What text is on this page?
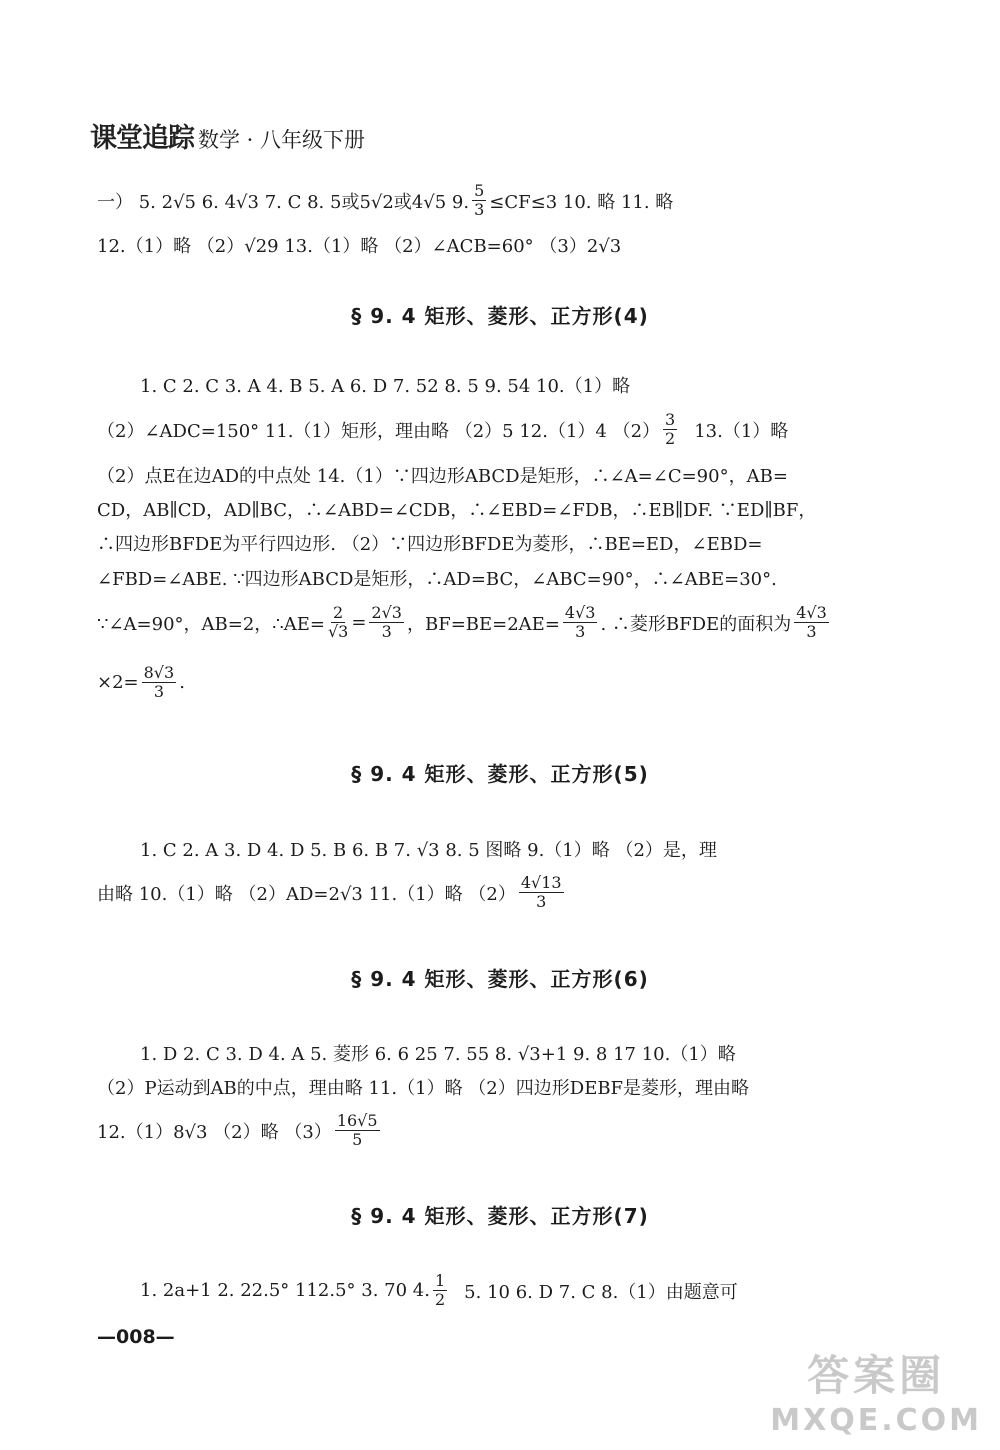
课堂追踪 数学 · 八年级下册
一） 5. 2√5 6. 4√3 7. C 8. 5或5√2或4√5 9. $\frac{5}{3} \le CF\le 3$ 10. 略 11. 略
12.（1）略 （2）√29 13.（1）略 （2）∠ACB=60° （3）2√3
§ 9. 4 矩形、菱形、正方形(4)
1. C 2. C 3. A 4. B 5. A 6. D 7. 52 8. 5 9. 54 10.（1）略
（2）∠ADC=150° 11.（1）矩形，理由略 （2）5 12.（1）4 $(2) \frac{3}{2} 13.(1)$略
（2）点E在边AD的中点处 14.（1）∵四边形ABCD是矩形，∴∠A=∠C=90°，AB=
CD，AB∥CD，AD∥BC，∴∠ABD=∠CDB，∴∠EBD=∠FDB，∴EB∥DF. ∵ED∥BF，
∴四边形BFDE为平行四边形. （2）∵四边形BFDE为菱形，∴BE=ED，∠EBD=
∠FBD=∠ABE. ∵四边形ABCD是矩形，∴AD=BC，∠ABC=90°，∴∠ABE=30°.
∵∠A=90°，AB=2，∴AE= $\frac{2}{√3} = \frac{2√3}{3}$ ，$BF=BE=2AE= \frac{4√3}{3}$ . ∴菱形BFDE的面积为 $\frac{4√3}{3}$
$\times 2= \frac{8√3}{3}$ .
§ 9. 4 矩形、菱形、正方形(5)
1. C 2. A 3. D 4. D 5. B 6. B 7. √3 8. 5 图略 9.（1）略 （2）是，理
由略 10.（1）略 （2）AD=2√3 11.（1）略 $(2) \frac{4√13}{3}$
§ 9. 4 矩形、菱形、正方形(6)
1. D 2. C 3. D 4. A 5. 菱形 6. 6 25 7. 55 8. √3+1 9. 8 17 10.（1）略
（2）P运动到AB的中点，理由略 11.（1）略 （2）四边形DEBF是菱形，理由略
12.（1）8√3 （2）略 $(3) \frac{16√5}{5}$
§ 9. 4 矩形、菱形、正方形(7)
1. 2a+1 2. 22.5° 112.5° 3. 70 4. $\frac{1}{2} 5$. 10 6. D 7. C 8.（1）由题意可
—008—
答案圈
MXQE.COM
